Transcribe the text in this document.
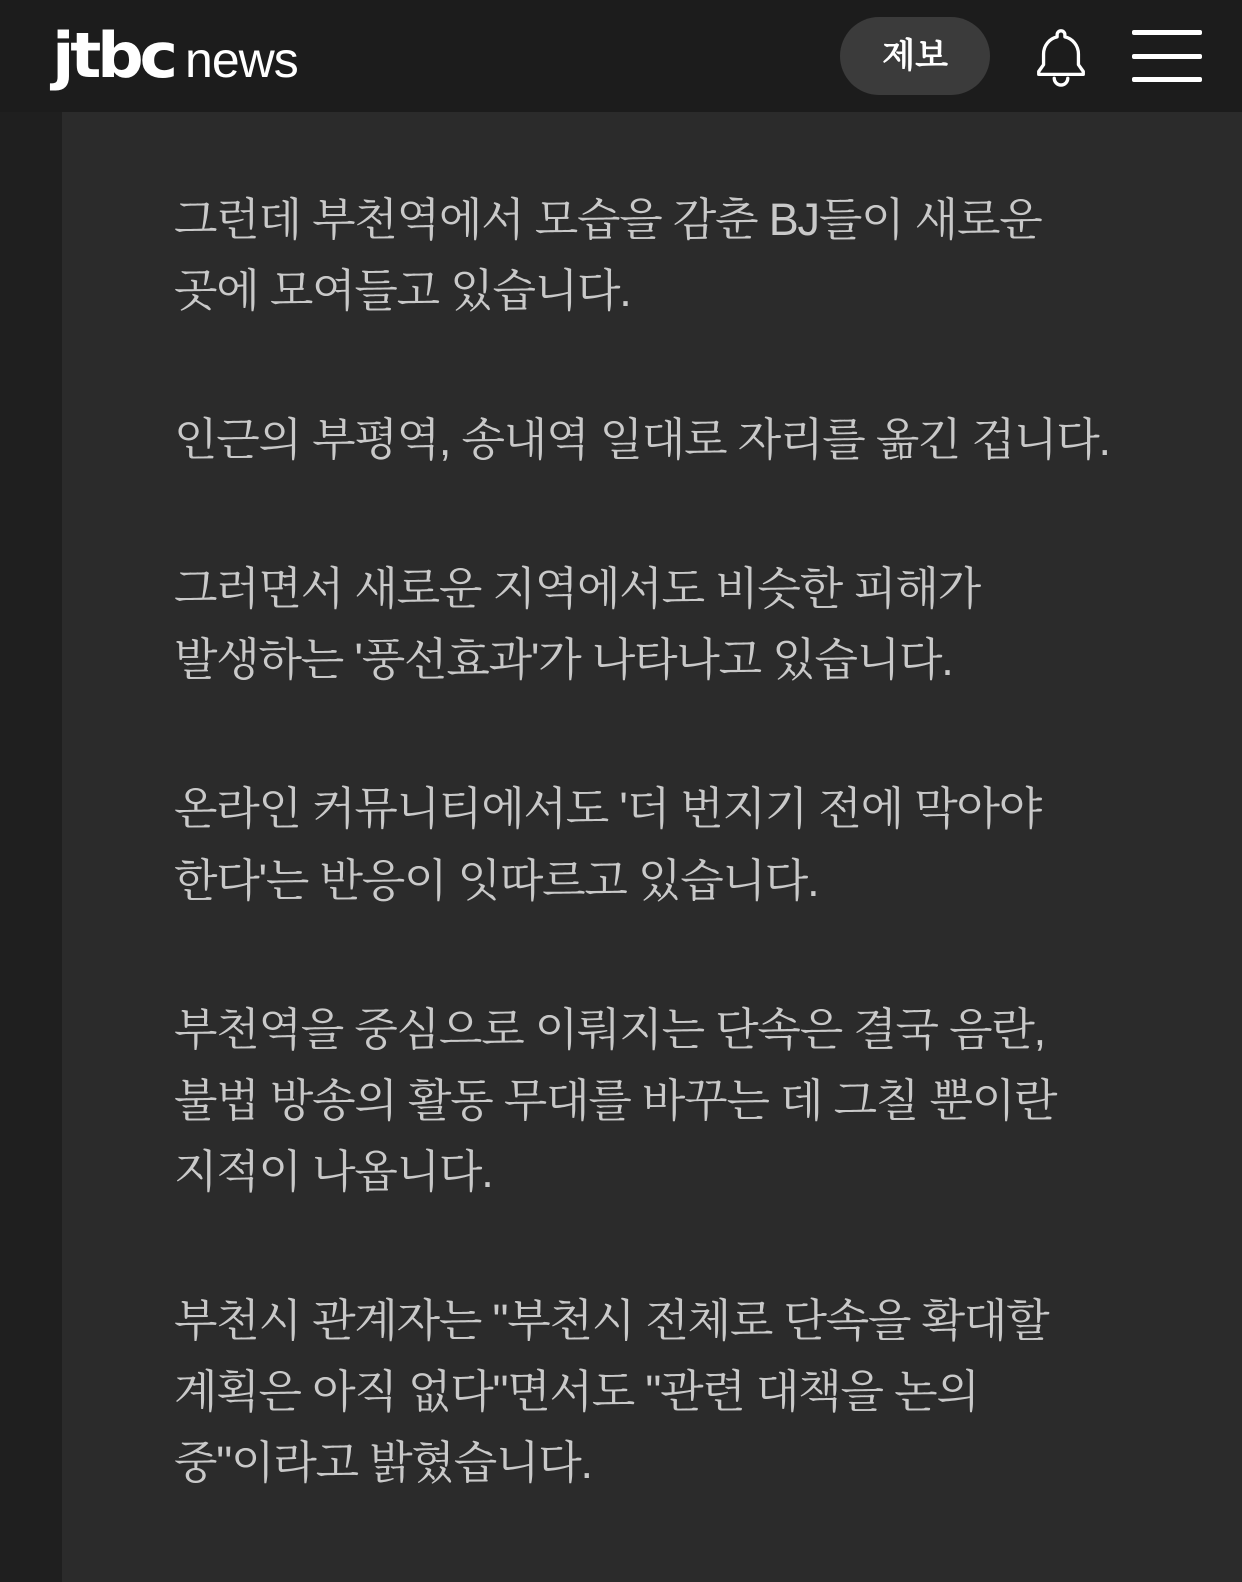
jtbc news	제보

그런데 부천역에서 모습을 감춘 BJ들이 새로운 곳에 모여들고 있습니다.

인근의 부평역, 송내역 일대로 자리를 옮긴 겁니다.

그러면서 새로운 지역에서도 비슷한 피해가 발생하는 '풍선효과'가 나타나고 있습니다.

온라인 커뮤니티에서도 '더 번지기 전에 막아야 한다'는 반응이 잇따르고 있습니다.

부천역을 중심으로 이뤄지는 단속은 결국 음란, 불법 방송의 활동 무대를 바꾸는 데 그칠 뿐이란 지적이 나옵니다.

부천시 관계자는 "부천시 전체로 단속을 확대할 계획은 아직 없다"면서도 "관련 대책을 논의 중"이라고 밝혔습니다.
